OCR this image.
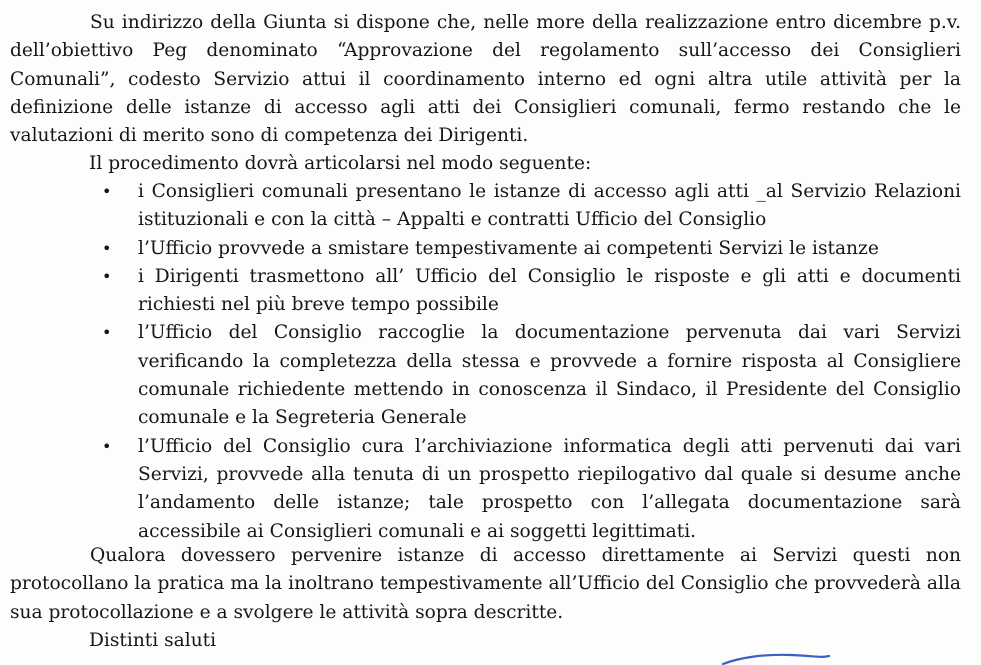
Su indirizzo della Giunta si dispone che, nelle more della realizzazione entro dicembre p.v. dell’obiettivo Peg denominato “Approvazione del regolamento sull’accesso dei Consiglieri Comunali”, codesto Servizio attui il coordinamento interno ed ogni altra utile attività per la definizione delle istanze di accesso agli atti dei Consiglieri comunali, fermo restando che le valutazioni di merito sono di competenza dei Dirigenti.

Il procedimento dovrà articolarsi nel modo seguente:

• i Consiglieri comunali presentano le istanze di accesso agli atti _al Servizio Relazioni istituzionali e con la città – Appalti e contratti Ufficio del Consiglio
• l’Ufficio provvede a smistare tempestivamente ai competenti Servizi le istanze
• i Dirigenti trasmettono all’ Ufficio del Consiglio le risposte e gli atti e documenti richiesti nel più breve tempo possibile
• l’Ufficio del Consiglio raccoglie la documentazione pervenuta dai vari Servizi verificando la completezza della stessa e provvede a fornire risposta al Consigliere comunale richiedente mettendo in conoscenza il Sindaco, il Presidente del Consiglio comunale e la Segreteria Generale
• l’Ufficio del Consiglio cura l’archiviazione informatica degli atti pervenuti dai vari Servizi, provvede alla tenuta di un prospetto riepilogativo dal quale si desume anche l’andamento delle istanze; tale prospetto con l’allegata documentazione sarà accessibile ai Consiglieri comunali e ai soggetti legittimati.

Qualora dovessero pervenire istanze di accesso direttamente ai Servizi questi non protocollano la pratica ma la inoltrano tempestivamente all’Ufficio del Consiglio che provvederà alla sua protocollazione e a svolgere le attività sopra descritte.

Distinti saluti
